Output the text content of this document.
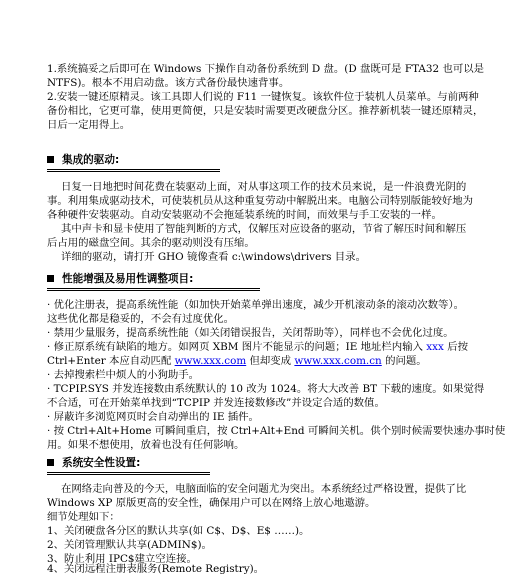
1.系统搞妥之后即可在 Windows 下操作自动备份系统到 D 盘。(D 盘既可是 FTA32 也可以是
NTFS)。根本不用启动盘。该方式备份最快速背事。
2.安装一键还原精灵。该工具即人们说的 F11 一键恢复。该软件位于装机人员菜单。与前两种
备份相比，它更可靠，使用更简便，只是安装时需要更改硬盘分区。推荐新机装一键还原精灵，
日后一定用得上。
集成的驱动:
日复一日地把时间花费在装驱动上面，对从事这项工作的技术员来说，是一件浪费光阴的
事。利用集成驱动技术，可使装机员从这种重复劳动中解脱出来。电脑公司特别版能较好地为
各种硬件安装驱动。自动安装驱动不会拖延装系统的时间，而效果与手工安装的一样。
其中声卡和显卡使用了智能判断的方式，仅解压对应设备的驱动，节省了解压时间和解压
后占用的磁盘空间。其余的驱动则没有压缩。
详细的驱动，请打开 GHO 镜像查看 c:\windows\drivers 目录。
性能增强及易用性调整项目:
· 优化注册表，提高系统性能（如加快开始菜单弹出速度，减少开机滚动条的滚动次数等）。
这些优化都是稳妥的，不会有过度优化。
· 禁用少量服务，提高系统性能（如关闭错误报告，关闭帮助等），同样也不会优化过度。
· 修正原系统有缺陷的地方。如网页 XBM 图片不能显示的问题；IE 地址栏内输入 xxx 后按
Ctrl+Enter 本应自动匹配 www.xxx.com 但却变成 www.xxx.com.cn 的问题。
· 去掉搜索栏中烦人的小狗助手。
· TCPIP.SYS 并发连接数由系统默认的 10 改为 1024。将大大改善 BT 下载的速度。如果觉得
不合适，可在开始菜单找到“TCPIP 并发连接数修改”并设定合适的数值。
· 屏蔽许多浏览网页时会自动弹出的 IE 插件。
· 按 Ctrl+Alt+Home 可瞬间重启，按 Ctrl+Alt+End 可瞬间关机。供个别时候需要快速办事时使
用。如果不想使用，放着也没有任何影响。
系统安全性设置:
在网络走向普及的今天，电脑面临的安全问题尤为突出。本系统经过严格设置，提供了比
Windows XP 原版更高的安全性，确保用户可以在网络上放心地遨游。
细节处理如下：
1、关闭硬盘各分区的默认共享(如 C$、D$、E$ ……)。
2、关闭管理默认共享(ADMIN$)。
3、防止利用 IPC$建立空连接。
4、关闭远程注册表服务(Remote Registry)。
